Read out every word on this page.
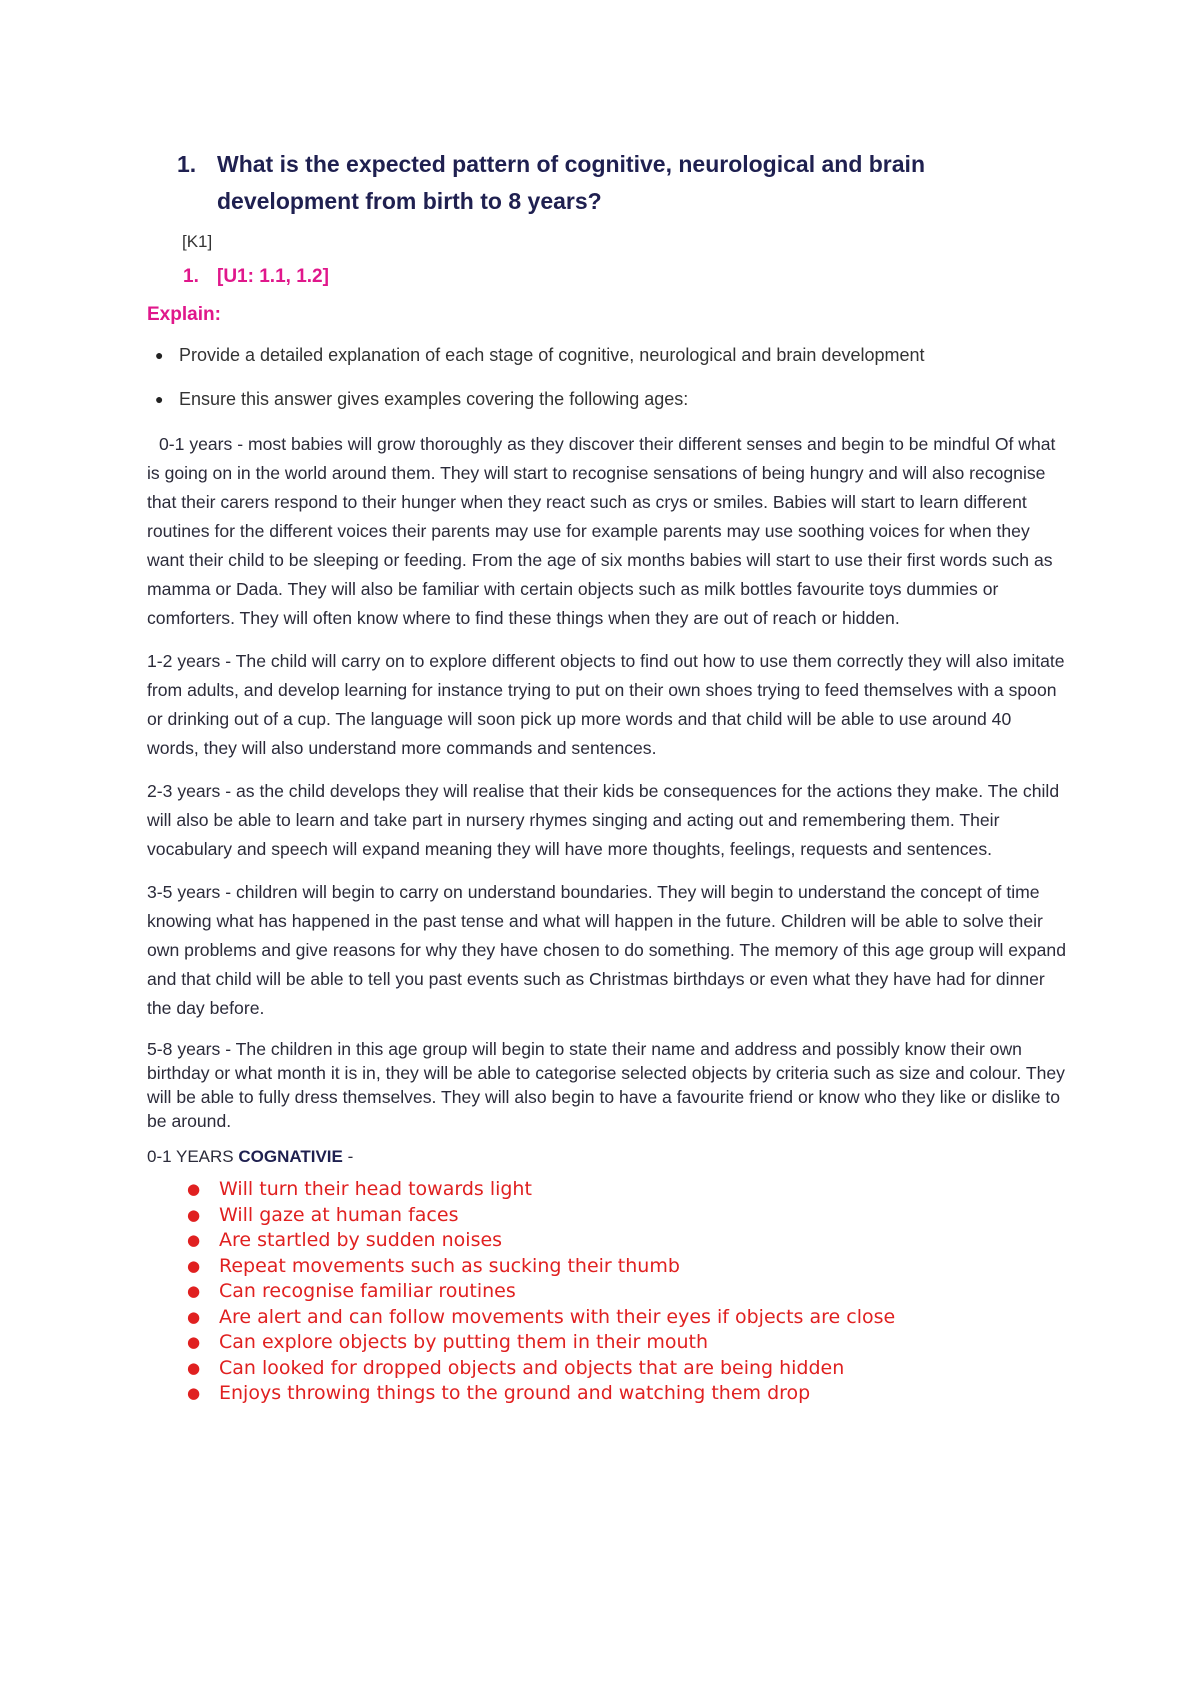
1. What is the expected pattern of cognitive, neurological and brain development from birth to 8 years?
[K1]
1. [U1: 1.1, 1.2]
Explain:
● Provide a detailed explanation of each stage of cognitive, neurological and brain development
● Ensure this answer gives examples covering the following ages:

0-1 years - most babies will grow thoroughly as they discover their different senses and begin to be mindful Of what is going on in the world around them. They will start to recognise sensations of being hungry and will also recognise that their carers respond to their hunger when they react such as crys or smiles. Babies will start to learn different routines for the different voices their parents may use for example parents may use soothing voices for when they want their child to be sleeping or feeding. From the age of six months babies will start to use their first words such as mamma or Dada. They will also be familiar with certain objects such as milk bottles favourite toys dummies or comforters. They will often know where to find these things when they are out of reach or hidden.

1-2 years - The child will carry on to explore different objects to find out how to use them correctly they will also imitate from adults, and develop learning for instance trying to put on their own shoes trying to feed themselves with a spoon or drinking out of a cup. The language will soon pick up more words and that child will be able to use around 40 words, they will also understand more commands and sentences.

2-3 years - as the child develops they will realise that their kids be consequences for the actions they make. The child will also be able to learn and take part in nursery rhymes singing and acting out and remembering them. Their vocabulary and speech will expand meaning they will have more thoughts, feelings, requests and sentences.

3-5 years - children will begin to carry on understand boundaries. They will begin to understand the concept of time knowing what has happened in the past tense and what will happen in the future. Children will be able to solve their own problems and give reasons for why they have chosen to do something. The memory of this age group will expand and that child will be able to tell you past events such as Christmas birthdays or even what they have had for dinner the day before.

5-8 years - The children in this age group will begin to state their name and address and possibly know their own birthday or what month it is in, they will be able to categorise selected objects by criteria such as size and colour. They will be able to fully dress themselves. They will also begin to have a favourite friend or know who they like or dislike to be around.

0-1 YEARS COGNATIVIE -
● Will turn their head towards light
● Will gaze at human faces
● Are startled by sudden noises
● Repeat movements such as sucking their thumb
● Can recognise familiar routines
● Are alert and can follow movements with their eyes if objects are close
● Can explore objects by putting them in their mouth
● Can looked for dropped objects and objects that are being hidden
● Enjoys throwing things to the ground and watching them drop
